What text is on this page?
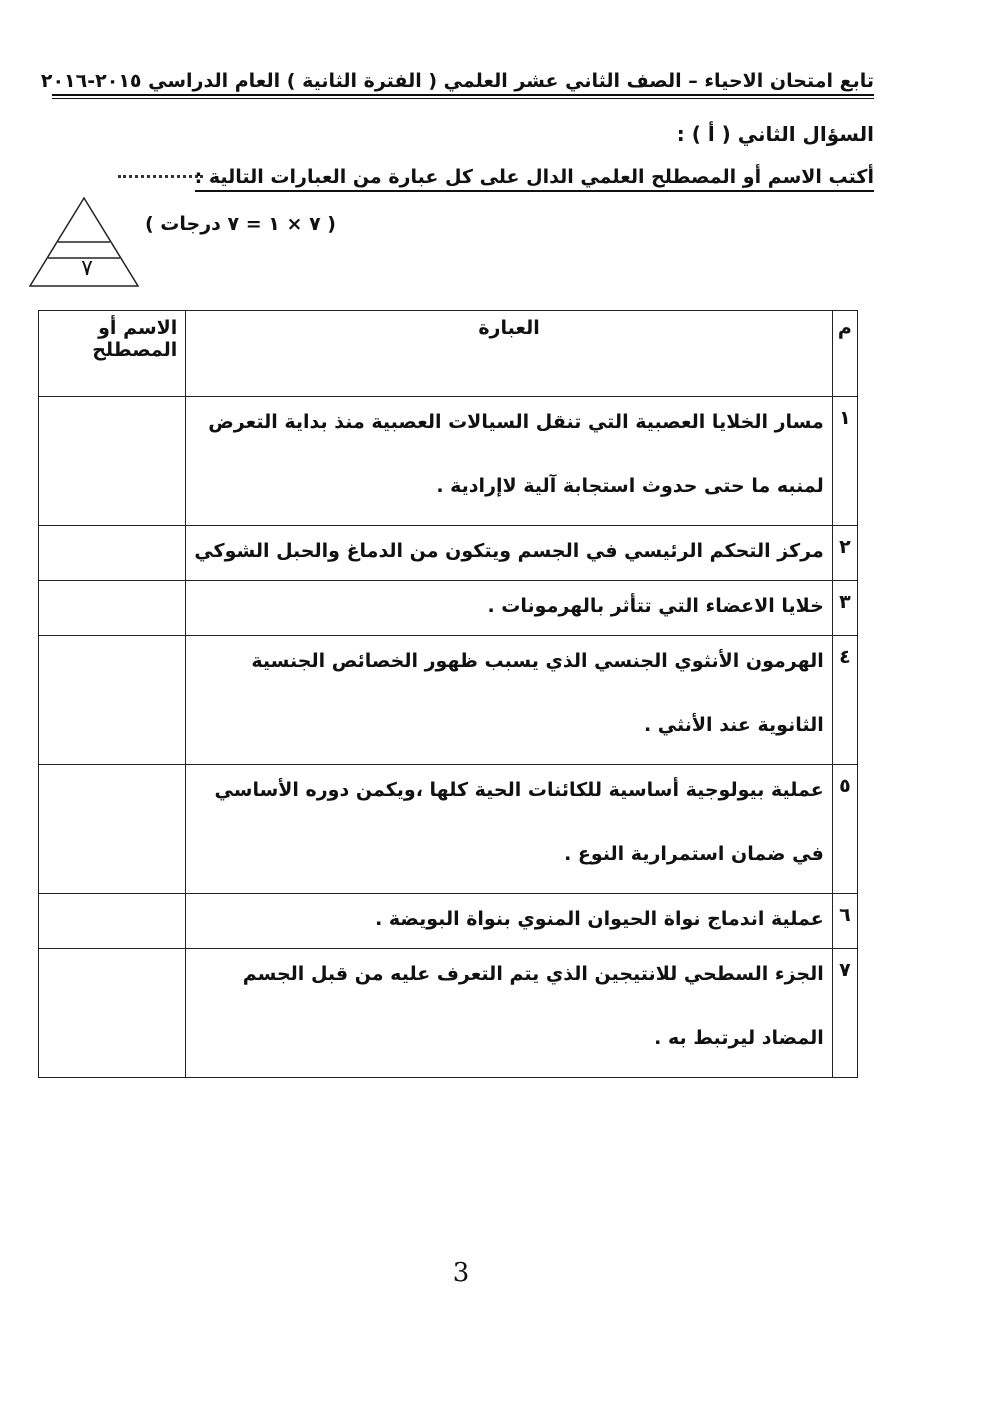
تابع امتحان الاحياء – الصف الثاني عشر العلمي ( الفترة الثانية ) العام الدراسي ٢٠١٥-٢٠١٦
السؤال الثاني ( أ ) :
أكتب الاسم أو المصطلح العلمي الدال على كل عبارة من العبارات التالية :
( ٧ × ١ = ٧ درجات )
٧
م	العبارة	الاسم أو المصطلح
١	مسار الخلايا العصبية التي تنقل السيالات العصبية منذ بداية التعرض
لمنبه ما حتى حدوث استجابة آلية لاإرادية .	

٢	مركز التحكم الرئيسي في الجسم ويتكون من الدماغ والحبل الشوكي	

٣	خلايا الاعضاء التي تتأثر بالهرمونات .	

٤	الهرمون الأنثوي الجنسي الذي يسبب ظهور الخصائص الجنسية
الثانوية عند الأنثي .	

٥	عملية بيولوجية أساسية للكائنات الحية كلها ،ويكمن دوره الأساسي
في ضمان استمرارية النوع .	

٦	عملية اندماج نواة الحيوان المنوي بنواة البويضة .	

٧	الجزء السطحي للانتيجين الذي يتم التعرف عليه من قبل الجسم
المضاد ليرتبط به .	

3
